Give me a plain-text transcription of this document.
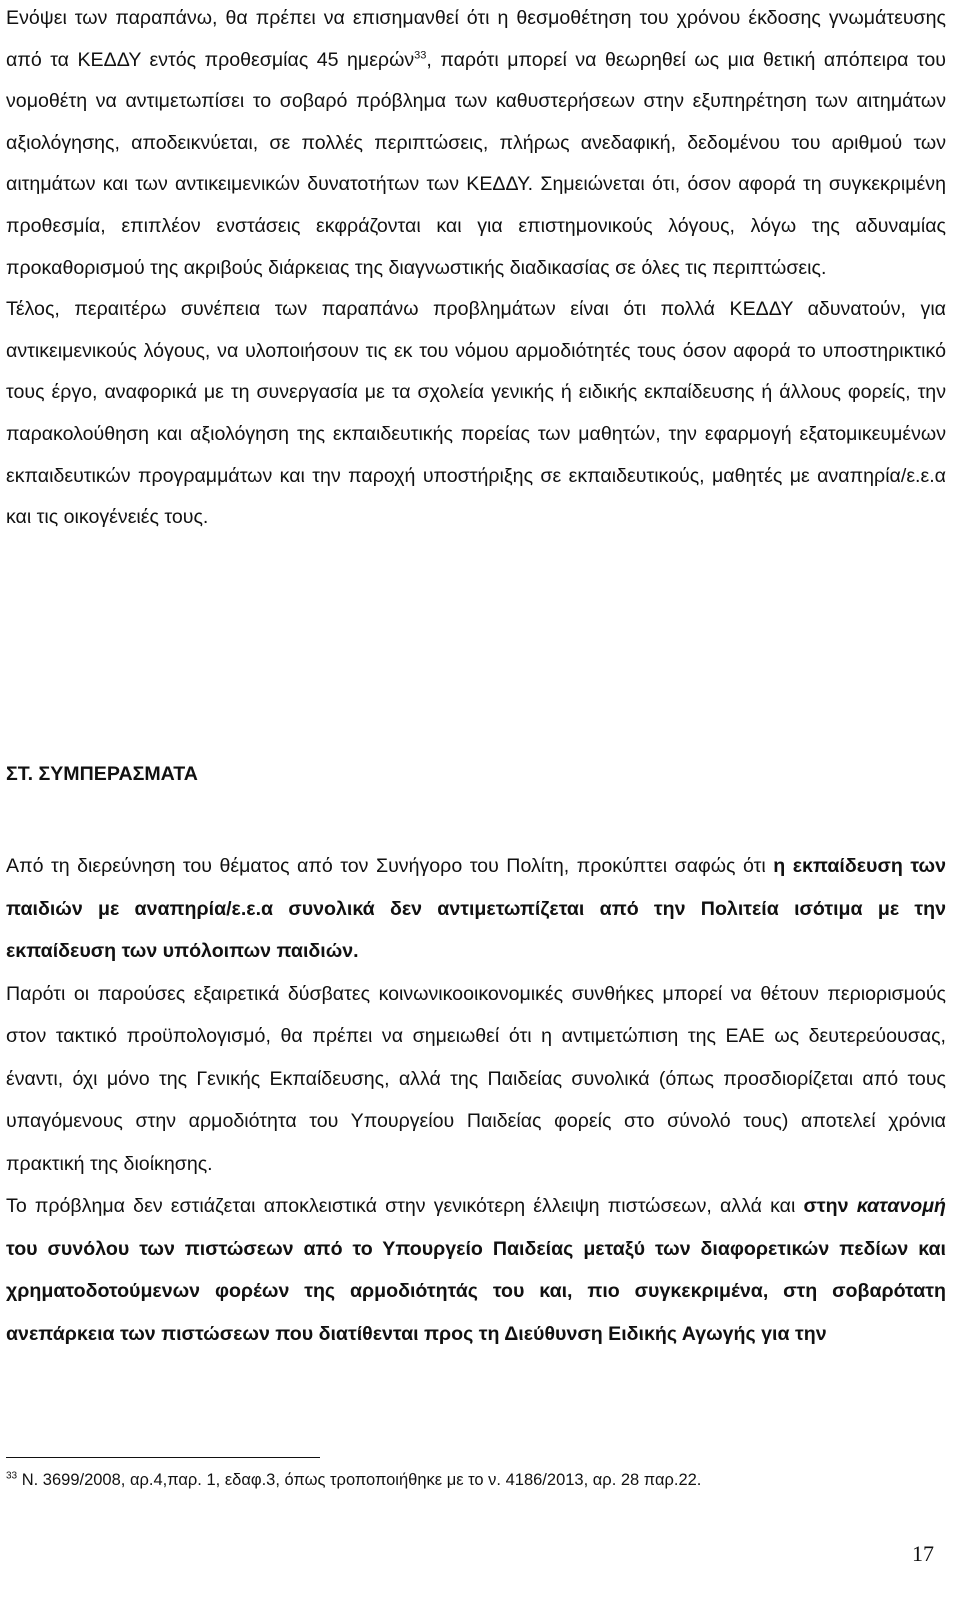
Ενόψει των παραπάνω, θα πρέπει να επισημανθεί ότι η θεσμοθέτηση του χρόνου έκδοσης γνωμάτευσης από τα ΚΕΔΔΥ εντός προθεσμίας 45 ημερών$^{33}$, παρότι μπορεί να θεωρηθεί ως μια θετική απόπειρα του νομοθέτη να αντιμετωπίσει το σοβαρό πρόβλημα των καθυστερήσεων στην εξυπηρέτηση των αιτημάτων αξιολόγησης, αποδεικνύεται, σε πολλές περιπτώσεις, πλήρως ανεδαφική, δεδομένου του αριθμού των αιτημάτων και των αντικειμενικών δυνατοτήτων των ΚΕΔΔΥ. Σημειώνεται ότι, όσον αφορά τη συγκεκριμένη προθεσμία, επιπλέον ενστάσεις εκφράζονται και για επιστημονικούς λόγους, λόγω της αδυναμίας προκαθορισμού της ακριβούς διάρκειας της διαγνωστικής διαδικασίας σε όλες τις περιπτώσεις.

Τέλος, περαιτέρω συνέπεια των παραπάνω προβλημάτων είναι ότι πολλά ΚΕΔΔΥ αδυνατούν, για αντικειμενικούς λόγους, να υλοποιήσουν τις εκ του νόμου αρμοδιότητές τους όσον αφορά το υποστηρικτικό τους έργο, αναφορικά με τη συνεργασία με τα σχολεία γενικής ή ειδικής εκπαίδευσης ή άλλους φορείς, την παρακολούθηση και αξιολόγηση της εκπαιδευτικής πορείας των μαθητών, την εφαρμογή εξατομικευμένων εκπαιδευτικών προγραμμάτων και την παροχή υποστήριξης σε εκπαιδευτικούς, μαθητές με αναπηρία/ε.ε.α και τις οικογένειές τους.

ΣΤ. ΣΥΜΠΕΡΑΣΜΑΤΑ

Από τη διερεύνηση του θέματος από τον Συνήγορο του Πολίτη, προκύπτει σαφώς ότι η εκπαίδευση των παιδιών με αναπηρία/ε.ε.α συνολικά δεν αντιμετωπίζεται από την Πολιτεία ισότιμα με την εκπαίδευση των υπόλοιπων παιδιών.

Παρότι οι παρούσες εξαιρετικά δύσβατες κοινωνικοοικονομικές συνθήκες μπορεί να θέτουν περιορισμούς στον τακτικό προϋπολογισμό, θα πρέπει να σημειωθεί ότι η αντιμετώπιση της ΕΑΕ ως δευτερεύουσας, έναντι, όχι μόνο της Γενικής Εκπαίδευσης, αλλά της Παιδείας συνολικά (όπως προσδιορίζεται από τους υπαγόμενους στην αρμοδιότητα του Υπουργείου Παιδείας φορείς στο σύνολό τους) αποτελεί χρόνια πρακτική της διοίκησης.

Το πρόβλημα δεν εστιάζεται αποκλειστικά στην γενικότερη έλλειψη πιστώσεων, αλλά και στην κατανομή του συνόλου των πιστώσεων από το Υπουργείο Παιδείας μεταξύ των διαφορετικών πεδίων και χρηματοδοτούμενων φορέων της αρμοδιότητάς του και, πιο συγκεκριμένα, στη σοβαρότατη ανεπάρκεια των πιστώσεων που διατίθενται προς τη Διεύθυνση Ειδικής Αγωγής για την

$^{33}$ Ν. 3699/2008, αρ.4,παρ. 1, εδαφ.3, όπως τροποποιήθηκε με το ν. 4186/2013, αρ. 28 παρ.22.

17
